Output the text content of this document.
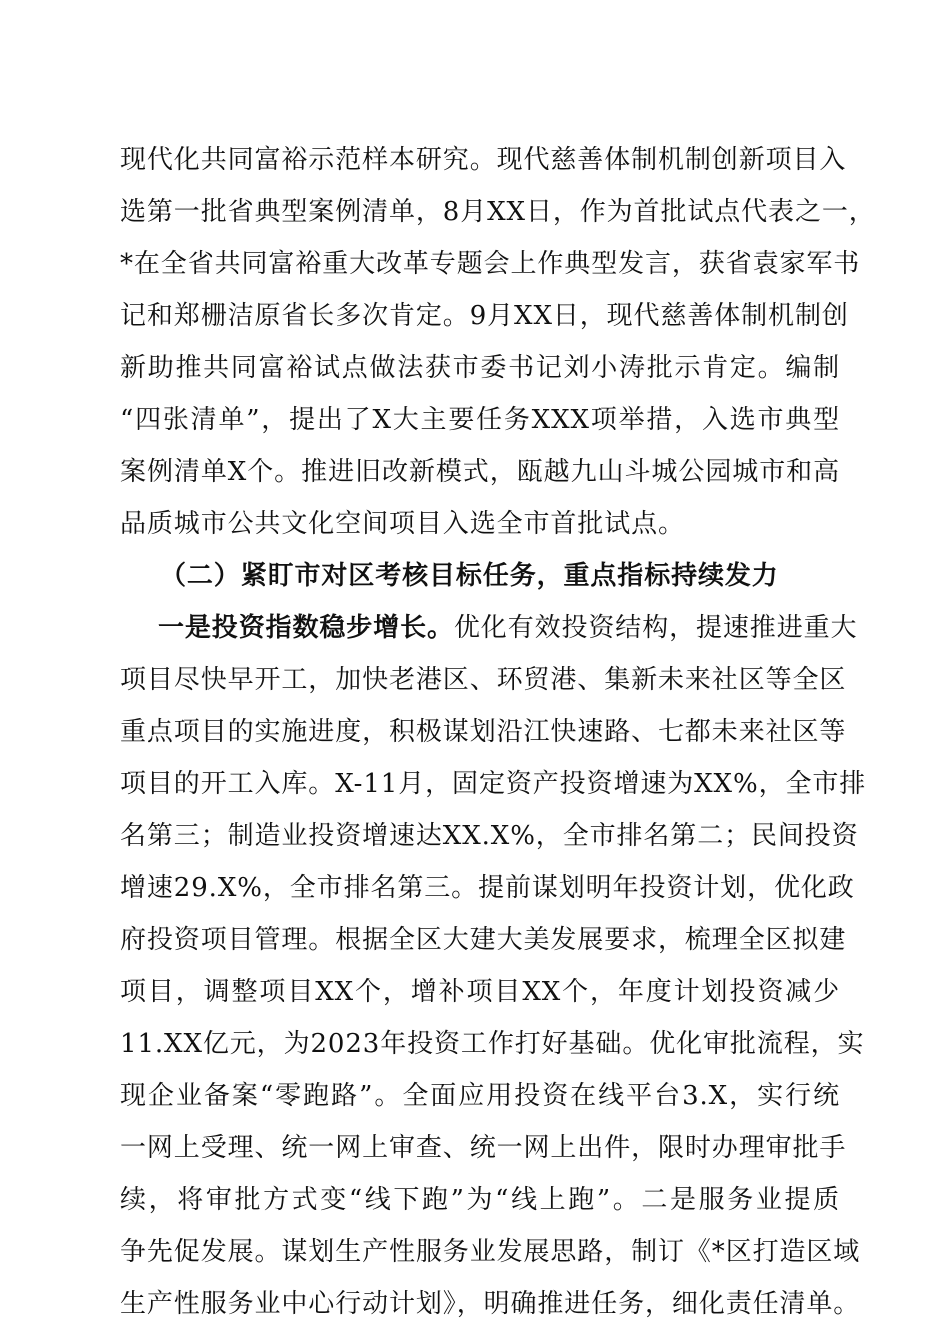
现代化共同富裕示范样本研究。现代慈善体制机制创新项目入
选第一批省典型案例清单，8月XX日，作为首批试点代表之一，
*在全省共同富裕重大改革专题会上作典型发言，获省袁家军书
记和郑栅洁原省长多次肯定。9月XX日，现代慈善体制机制创
新助推共同富裕试点做法获市委书记刘小涛批示肯定。编制
“四张清单”，提出了X大主要任务XXX项举措，入选市典型
案例清单X个。推进旧改新模式，瓯越九山斗城公园城市和高
品质城市公共文化空间项目入选全市首批试点。
（二）紧盯市对区考核目标任务，重点指标持续发力
一是投资指数稳步增长。优化有效投资结构，提速推进重大
项目尽快早开工，加快老港区、环贸港、集新未来社区等全区
重点项目的实施进度，积极谋划沿江快速路、七都未来社区等
项目的开工入库。X-11月，固定资产投资增速为XX%，全市排
名第三；制造业投资增速达XX.X%，全市排名第二；民间投资
增速29.X%，全市排名第三。提前谋划明年投资计划，优化政
府投资项目管理。根据全区大建大美发展要求，梳理全区拟建
项目，调整项目XX个，增补项目XX个，年度计划投资减少
11.XX亿元，为2023年投资工作打好基础。优化审批流程，实
现企业备案“零跑路”。全面应用投资在线平台3.X，实行统
一网上受理、统一网上审查、统一网上出件，限时办理审批手
续，将审批方式变“线下跑”为“线上跑”。二是服务业提质
争先促发展。谋划生产性服务业发展思路，制订《*区打造区域
生产性服务业中心行动计划》，明确推进任务，细化责任清单。
